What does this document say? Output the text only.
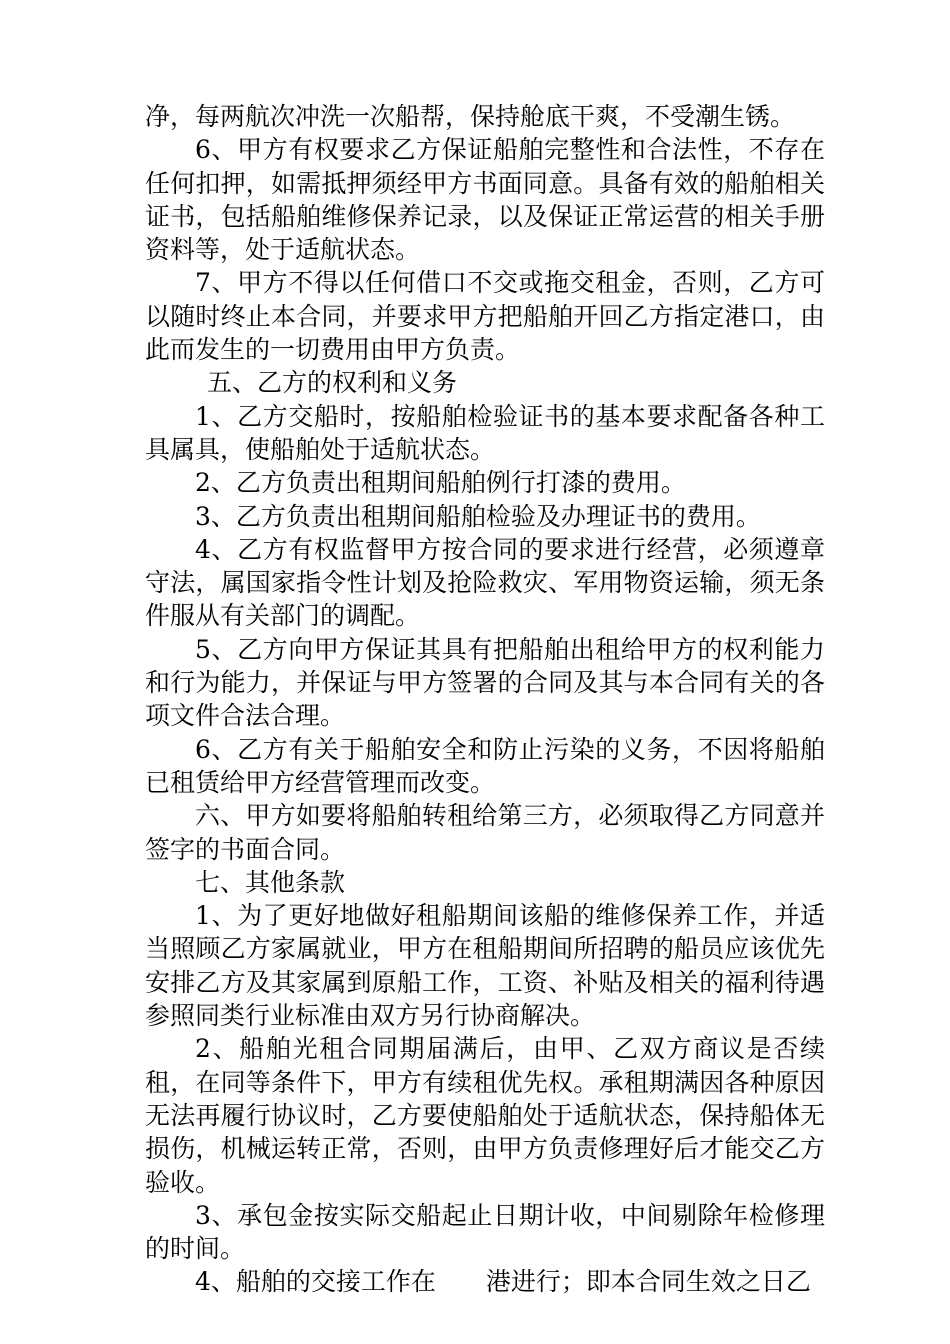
净，每两航次冲洗一次船帮，保持舱底干爽，不受潮生锈。

6、甲方有权要求乙方保证船舶完整性和合法性，不存在任何扣押，如需抵押须经甲方书面同意。具备有效的船舶相关证书，包括船舶维修保养记录，以及保证正常运营的相关手册资料等，处于适航状态。

7、甲方不得以任何借口不交或拖交租金，否则，乙方可以随时终止本合同，并要求甲方把船舶开回乙方指定港口，由此而发生的一切费用由甲方负责。

五、乙方的权利和义务

1、乙方交船时，按船舶检验证书的基本要求配备各种工具属具，使船舶处于适航状态。

2、乙方负责出租期间船舶例行打漆的费用。

3、乙方负责出租期间船舶检验及办理证书的费用。

4、乙方有权监督甲方按合同的要求进行经营，必须遵章守法，属国家指令性计划及抢险救灾、军用物资运输，须无条件服从有关部门的调配。

5、乙方向甲方保证其具有把船舶出租给甲方的权利能力和行为能力，并保证与甲方签署的合同及其与本合同有关的各项文件合法合理。

6、乙方有关于船舶安全和防止污染的义务，不因将船舶已租赁给甲方经营管理而改变。

六、甲方如要将船舶转租给第三方，必须取得乙方同意并签字的书面合同。

七、其他条款

1、为了更好地做好租船期间该船的维修保养工作，并适当照顾乙方家属就业，甲方在租船期间所招聘的船员应该优先安排乙方及其家属到原船工作，工资、补贴及相关的福利待遇参照同类行业标准由双方另行协商解决。

2、船舶光租合同期届满后，由甲、乙双方商议是否续租，在同等条件下，甲方有续租优先权。承租期满因各种原因无法再履行协议时，乙方要使船舶处于适航状态，保持船体无损伤，机械运转正常，否则，由甲方负责修理好后才能交乙方验收。

3、承包金按实际交船起止日期计收，中间剔除年检修理的时间。

4、船舶的交接工作在　　港进行；即本合同生效之日乙
